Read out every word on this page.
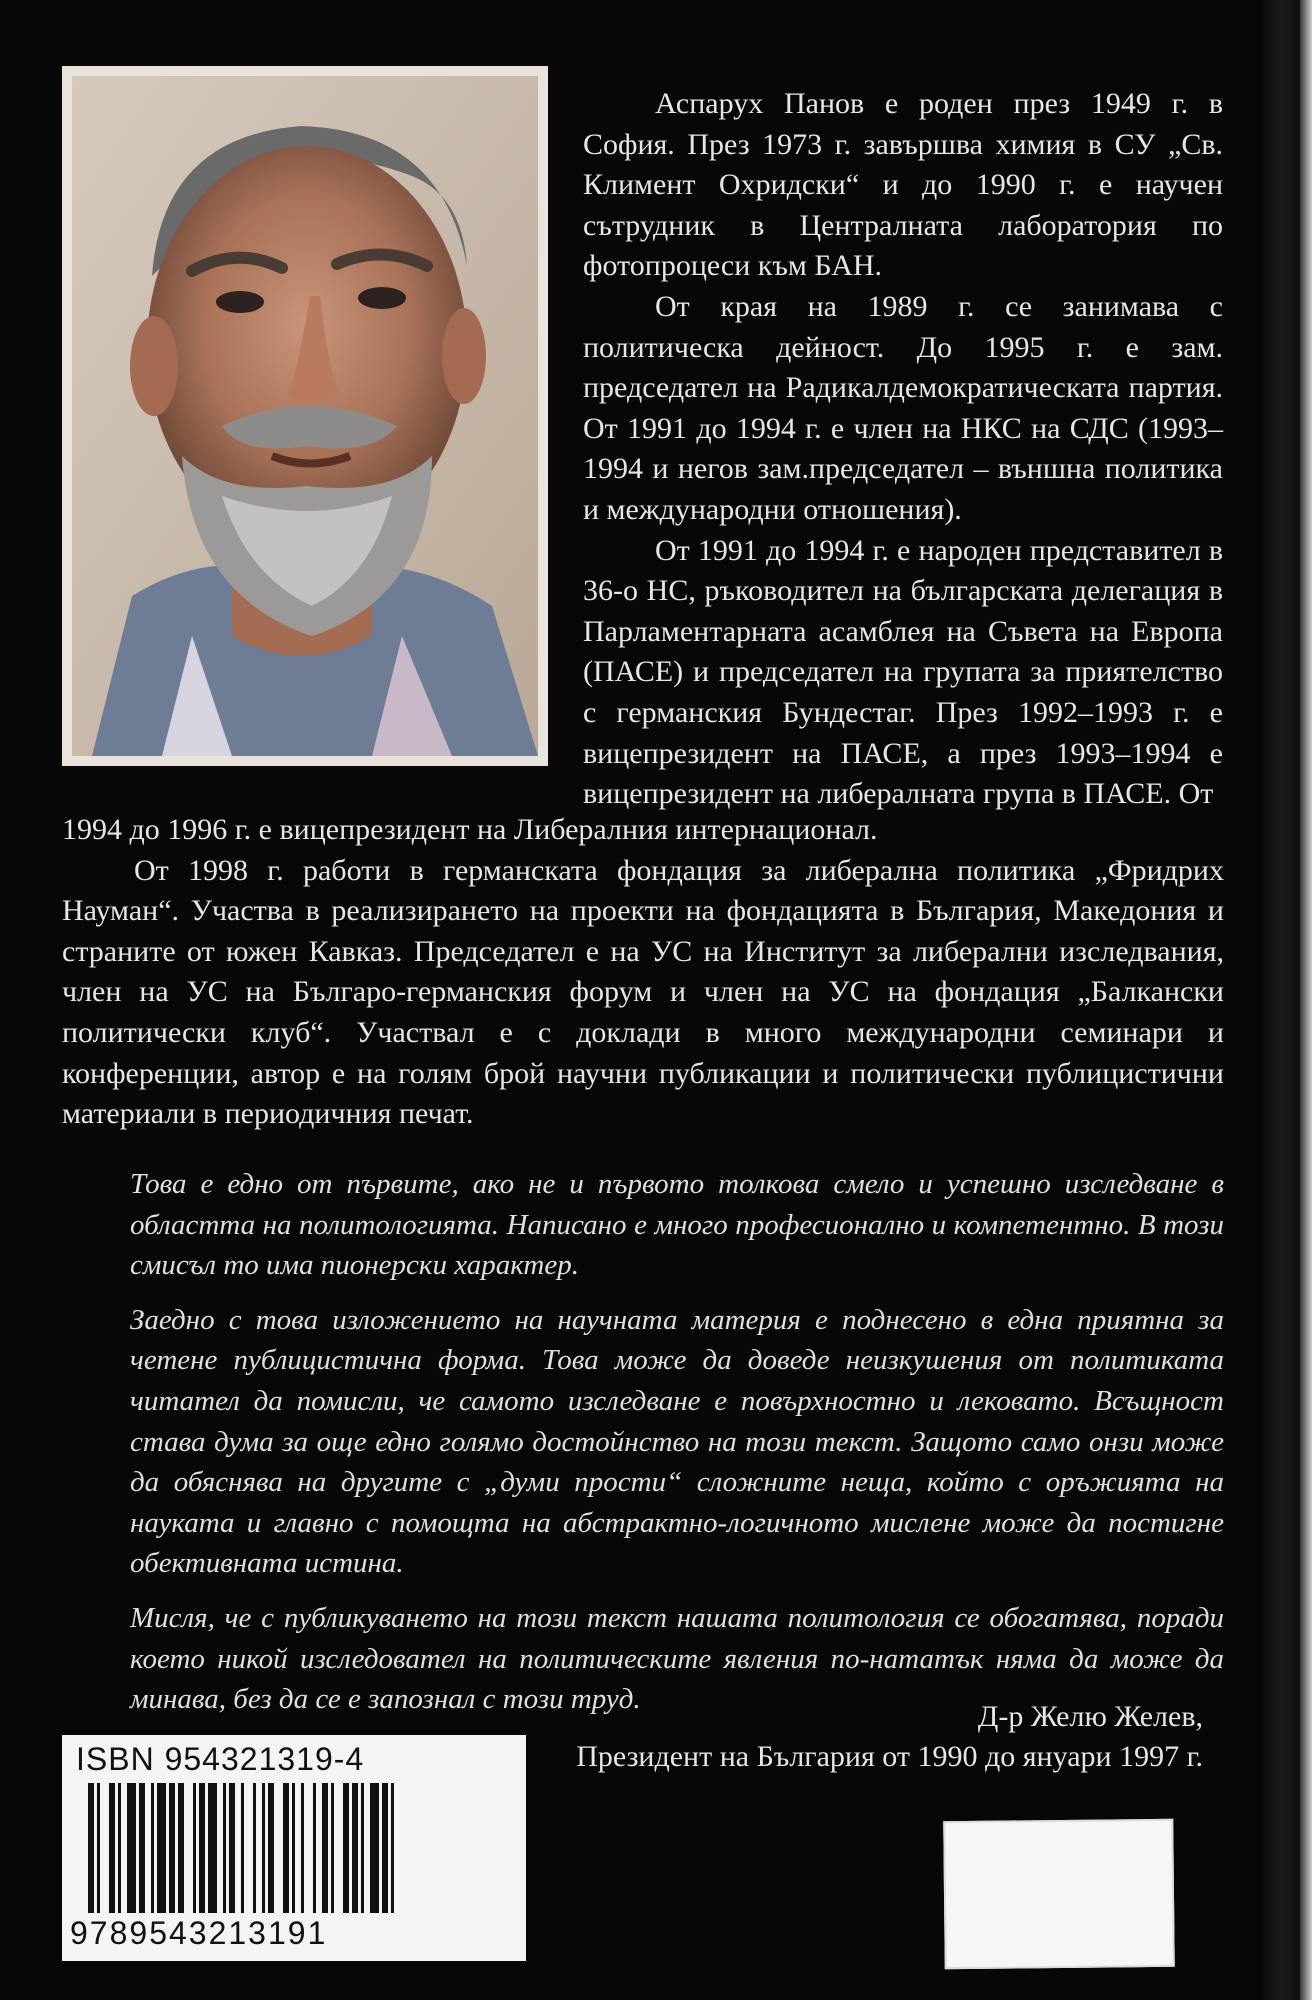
Аспарух Панов е роден през 1949 г. в София. През 1973 г. завършва химия в СУ „Св. Климент Охридски“ и до 1990 г. е научен сътрудник в Централната лаборатория по фотопроцеси към БАН.

От края на 1989 г. се занимава с политическа дейност. До 1995 г. е зам. председател на Радикалдемократическата партия. От 1991 до 1994 г. е член на НКС на СДС (1993–1994 и негов зам.председател – външна политика и международни отношения).

От 1991 до 1994 г. е народен представител в 36-о НС, ръководител на българската делегация в Парламентарната асамблея на Съвета на Европа (ПАСЕ) и председател на групата за приятелство с германския Бундестаг. През 1992–1993 г. е вицепрезидент на ПАСЕ, а през 1993–1994 е вицепрезидент на либералната група в ПАСЕ. От

1994 до 1996 г. е вицепрезидент на Либералния интернационал.

От 1998 г. работи в германската фондация за либерална политика „Фридрих Науман“. Участва в реализирането на проекти на фондацията в България, Македония и страните от южен Кавказ. Председател е на УС на Институт за либерални изследвания, член на УС на Българо-германския форум и член на УС на фондация „Балкански политически клуб“. Участвал е с доклади в много международни семинари и конференции, автор е на голям брой научни публикации и политически публицистични материали в периодичния печат.

Това е едно от първите, ако не и първото толкова смело и успешно изследване в областта на политологията. Написано е много професионално и компетентно. В този смисъл то има пионерски характер.

Заедно с това изложението на научната материя е поднесено в една приятна за четене публицистична форма. Това може да доведе неизкушения от политиката читател да помисли, че самото изследване е повърхностно и лековато. Всъщност става дума за още едно голямо достойнство на този текст. Защото само онзи може да обяснява на другите с „думи прости“ сложните неща, който с оръжията на науката и главно с помощта на абстрактно-логичното мислене може да постигне обективната истина.

Мисля, че с публикуването на този текст нашата политология се обогатява, поради което никой изследовател на политическите явления по-нататък няма да може да минава, без да се е запознал с този труд.

Д-р Желю Желев,
Президент на България от 1990 до януари 1997 г.
ISBN 954321319-4
9789543213191
